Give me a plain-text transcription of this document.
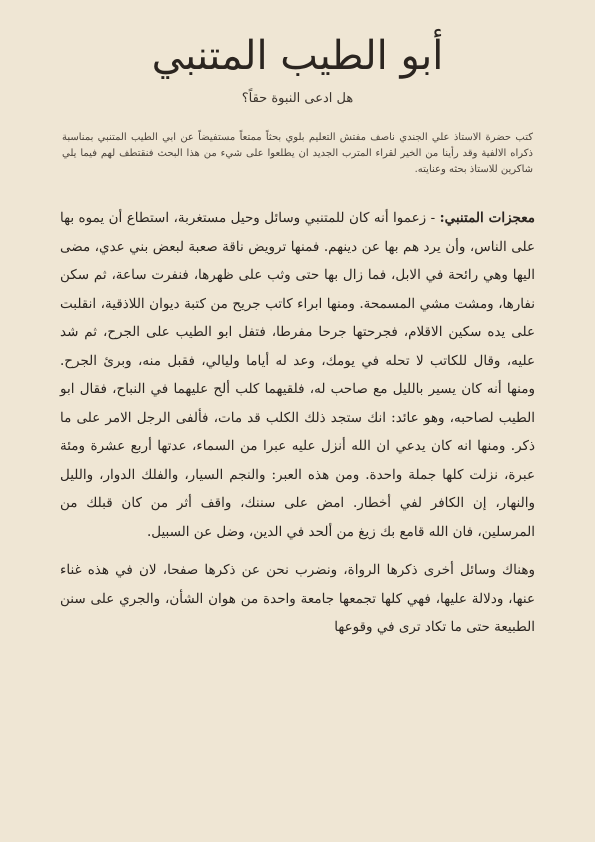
أبو الطيب المتنبي
هل ادعى النبوة حقاً؟

كتب حضرة الاستاذ علي الجندي ناصف مفتش التعليم بلوي بحثاً ممتعاً مستفيضاً عن ابي الطيب المتنبي بمناسبة ذكراه الالفية وقد رأينا من الخير لقراء المترب الجديد ان يطلعوا على شيء من هذا البحث فنقتطف لهم فيما يلي شاكرين للاستاذ بحثه وعنايته.

معجزات المتنبي: - زعموا أنه كان للمتنبي وسائل وحيل مستغربة، استطاع أن يموه بها على الناس، وأن يرد هم بها عن دينهم. فمنها ترويض ناقة صعبة لبعض بني عدي، مضى اليها وهي رائحة في الابل، فما زال بها حتى وثب على ظهرها، فنفرت ساعة، ثم سكن نفارها، ومشت مشي المسمحة. ومنها ابراء كاتب جريح من كتبة ديوان اللاذقية، انقلبت على يده سكين الاقلام، فجرحتها جرحا مفرطا، فتفل ابو الطيب على الجرح، ثم شد عليه، وقال للكاتب لا تحله في يومك، وعد له أياما وليالي، فقبل منه، وبرئ الجرح. ومنها أنه كان يسير بالليل مع صاحب له، فلقيهما كلب ألح عليهما في النباح، فقال ابو الطيب لصاحبه، وهو عائد: انك ستجد ذلك الكلب قد مات، فألفى الرجل الامر على ما ذكر. ومنها انه كان يدعي ان الله أنزل عليه عبرا من السماء، عدتها أربع عشرة ومئة عبرة، نزلت كلها جملة واحدة. ومن هذه العبر: والنجم السيار، والفلك الدوار، والليل والنهار، إن الكافر لفي أخطار. امض على سننك، واقف أثر من كان قبلك من المرسلين، فان الله قامع بك زيغ من ألحد في الدين، وضل عن السبيل.

وهناك وسائل أخرى ذكرها الرواة، ونضرب نحن عن ذكرها صفحا، لان في هذه غناء عنها، ودلالة عليها، فهي كلها تجمعها جامعة واحدة من هوان الشأن، والجري على سنن الطبيعة حتى ما تكاد ترى في وقوعها
